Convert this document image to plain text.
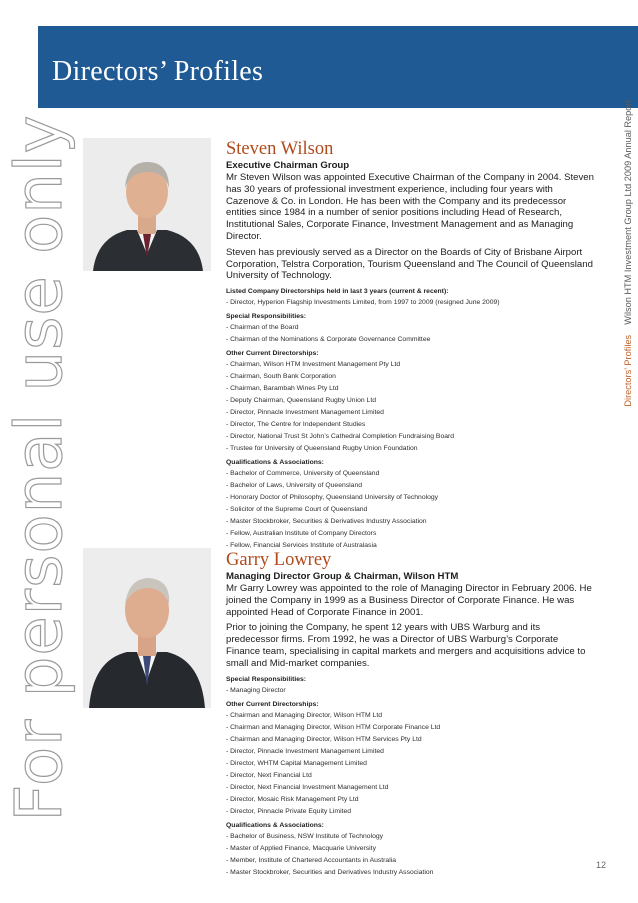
Directors’ Profiles
For personal use only	Directors’ Profiles    Wilson HTM Investment Group Ltd 2009 Annual Report
Steven Wilson
Executive Chairman Group

Mr Steven Wilson was appointed Executive Chairman of the Company in 2004. Steven has 30 years of professional investment experience, including four years with Cazenove & Co. in London. He has been with the Company and its predecessor entities since 1984 in a number of senior positions including Head of Research, Institutional Sales, Corporate Finance, Investment Management and as Managing Director.

Steven has previously served as a Director on the Boards of City of Brisbane Airport Corporation, Telstra Corporation, Tourism Queensland and The Council of Queensland University of Technology.

Listed Company Directorships held in last 3 years (current & recent):
- Director, Hyperion Flagship Investments Limited, from 1997 to 2009 (resigned June 2009)
Special Responsibilities:
- Chairman of the Board
- Chairman of the Nominations & Corporate Governance Committee
Other Current Directorships:
- Chairman, Wilson HTM Investment Management Pty Ltd
- Chairman, South Bank Corporation
- Chairman, Barambah Wines Pty Ltd
- Deputy Chairman, Queensland Rugby Union Ltd
- Director, Pinnacle Investment Management Limited
- Director, The Centre for Independent Studies
- Director, National Trust St John’s Cathedral Completion Fundraising Board
- Trustee for University of Queensland Rugby Union Foundation
Qualifications & Associations:
- Bachelor of Commerce, University of Queensland
- Bachelor of Laws, University of Queensland
- Honorary Doctor of Philosophy, Queensland University of Technology
- Solicitor of the Supreme Court of Queensland
- Master Stockbroker, Securities & Derivatives Industry Association
- Fellow, Australian Institute of Company Directors
- Fellow, Financial Services Institute of Australasia
Garry Lowrey
Managing Director Group & Chairman, Wilson HTM

Mr Garry Lowrey was appointed to the role of Managing Director in February 2006. He joined the Company in 1999 as a Business Director of Corporate Finance. He was appointed Head of Corporate Finance in 2001.

Prior to joining the Company, he spent 12 years with UBS Warburg and its predecessor firms. From 1992, he was a Director of UBS Warburg’s Corporate Finance team, specialising in capital markets and mergers and acquisitions advice to small and Mid-market companies.

Special Responsibilities:
- Managing Director
Other Current Directorships:
- Chairman and Managing Director, Wilson HTM Ltd
- Chairman and Managing Director, Wilson HTM Corporate Finance Ltd
- Chairman and Managing Director, Wilson HTM Services Pty Ltd
- Director, Pinnacle Investment Management Limited
- Director, WHTM Capital Management Limited
- Director, Next Financial Ltd
- Director, Next Financial Investment Management Ltd
- Director, Mosaic Risk Management Pty Ltd
- Director, Pinnacle Private Equity Limited
Qualifications & Associations:
- Bachelor of Business, NSW Institute of Technology
- Master of Applied Finance, Macquarie University
- Member, Institute of Chartered Accountants in Australia
- Master Stockbroker, Securities and Derivatives Industry Association
12
